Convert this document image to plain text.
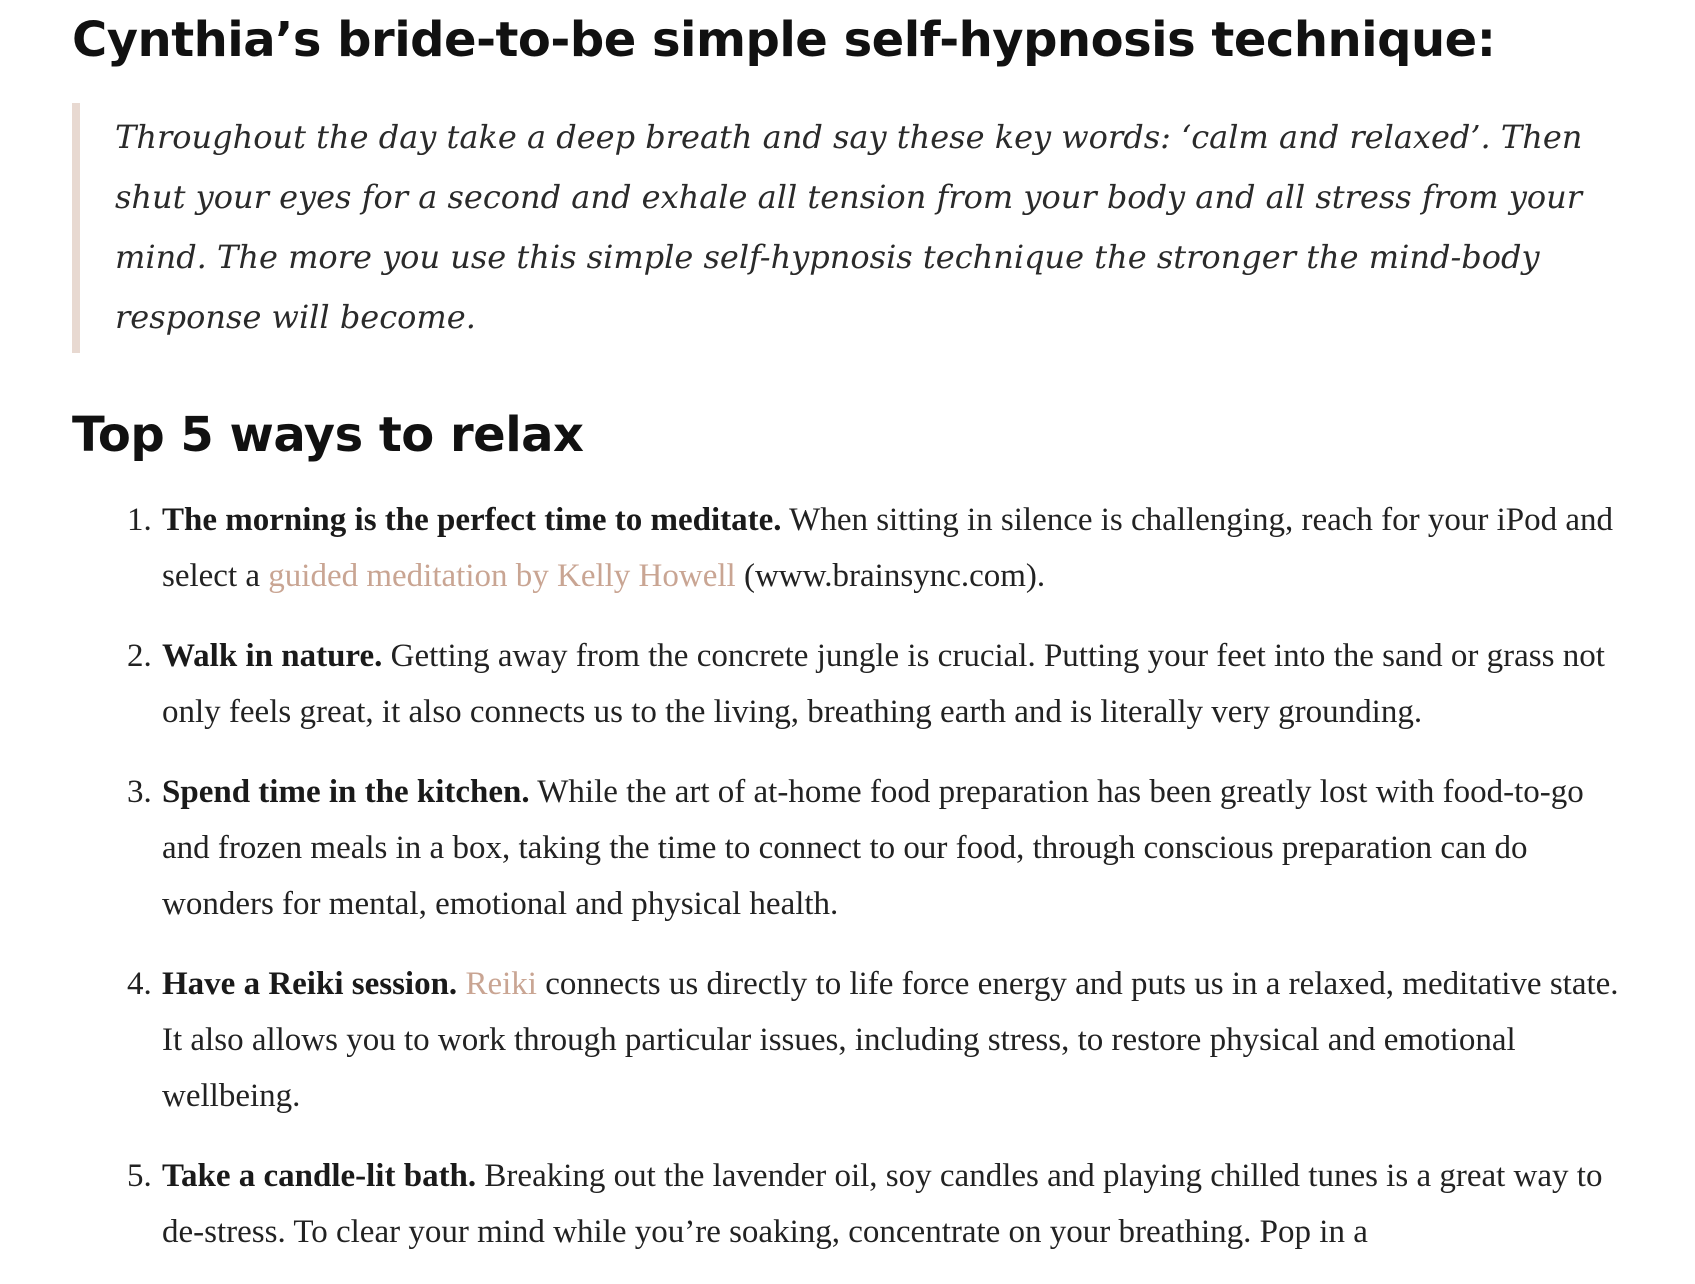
Cynthia’s bride-to-be simple self-hypnosis technique:
Throughout the day take a deep breath and say these key words: ‘calm and relaxed’. Then shut your eyes for a second and exhale all tension from your body and all stress from your mind. The more you use this simple self-hypnosis technique the stronger the mind-body response will become.
Top 5 ways to relax
1. The morning is the perfect time to meditate. When sitting in silence is challenging, reach for your iPod and select a guided meditation by Kelly Howell (www.brainsync.com).
2. Walk in nature. Getting away from the concrete jungle is crucial. Putting your feet into the sand or grass not only feels great, it also connects us to the living, breathing earth and is literally very grounding.
3. Spend time in the kitchen. While the art of at-home food preparation has been greatly lost with food-to-go and frozen meals in a box, taking the time to connect to our food, through conscious preparation can do wonders for mental, emotional and physical health.
4. Have a Reiki session. Reiki connects us directly to life force energy and puts us in a relaxed, meditative state. It also allows you to work through particular issues, including stress, to restore physical and emotional wellbeing.
5. Take a candle-lit bath. Breaking out the lavender oil, soy candles and playing chilled tunes is a great way to de-stress. To clear your mind while you’re soaking, concentrate on your breathing. Pop in a
